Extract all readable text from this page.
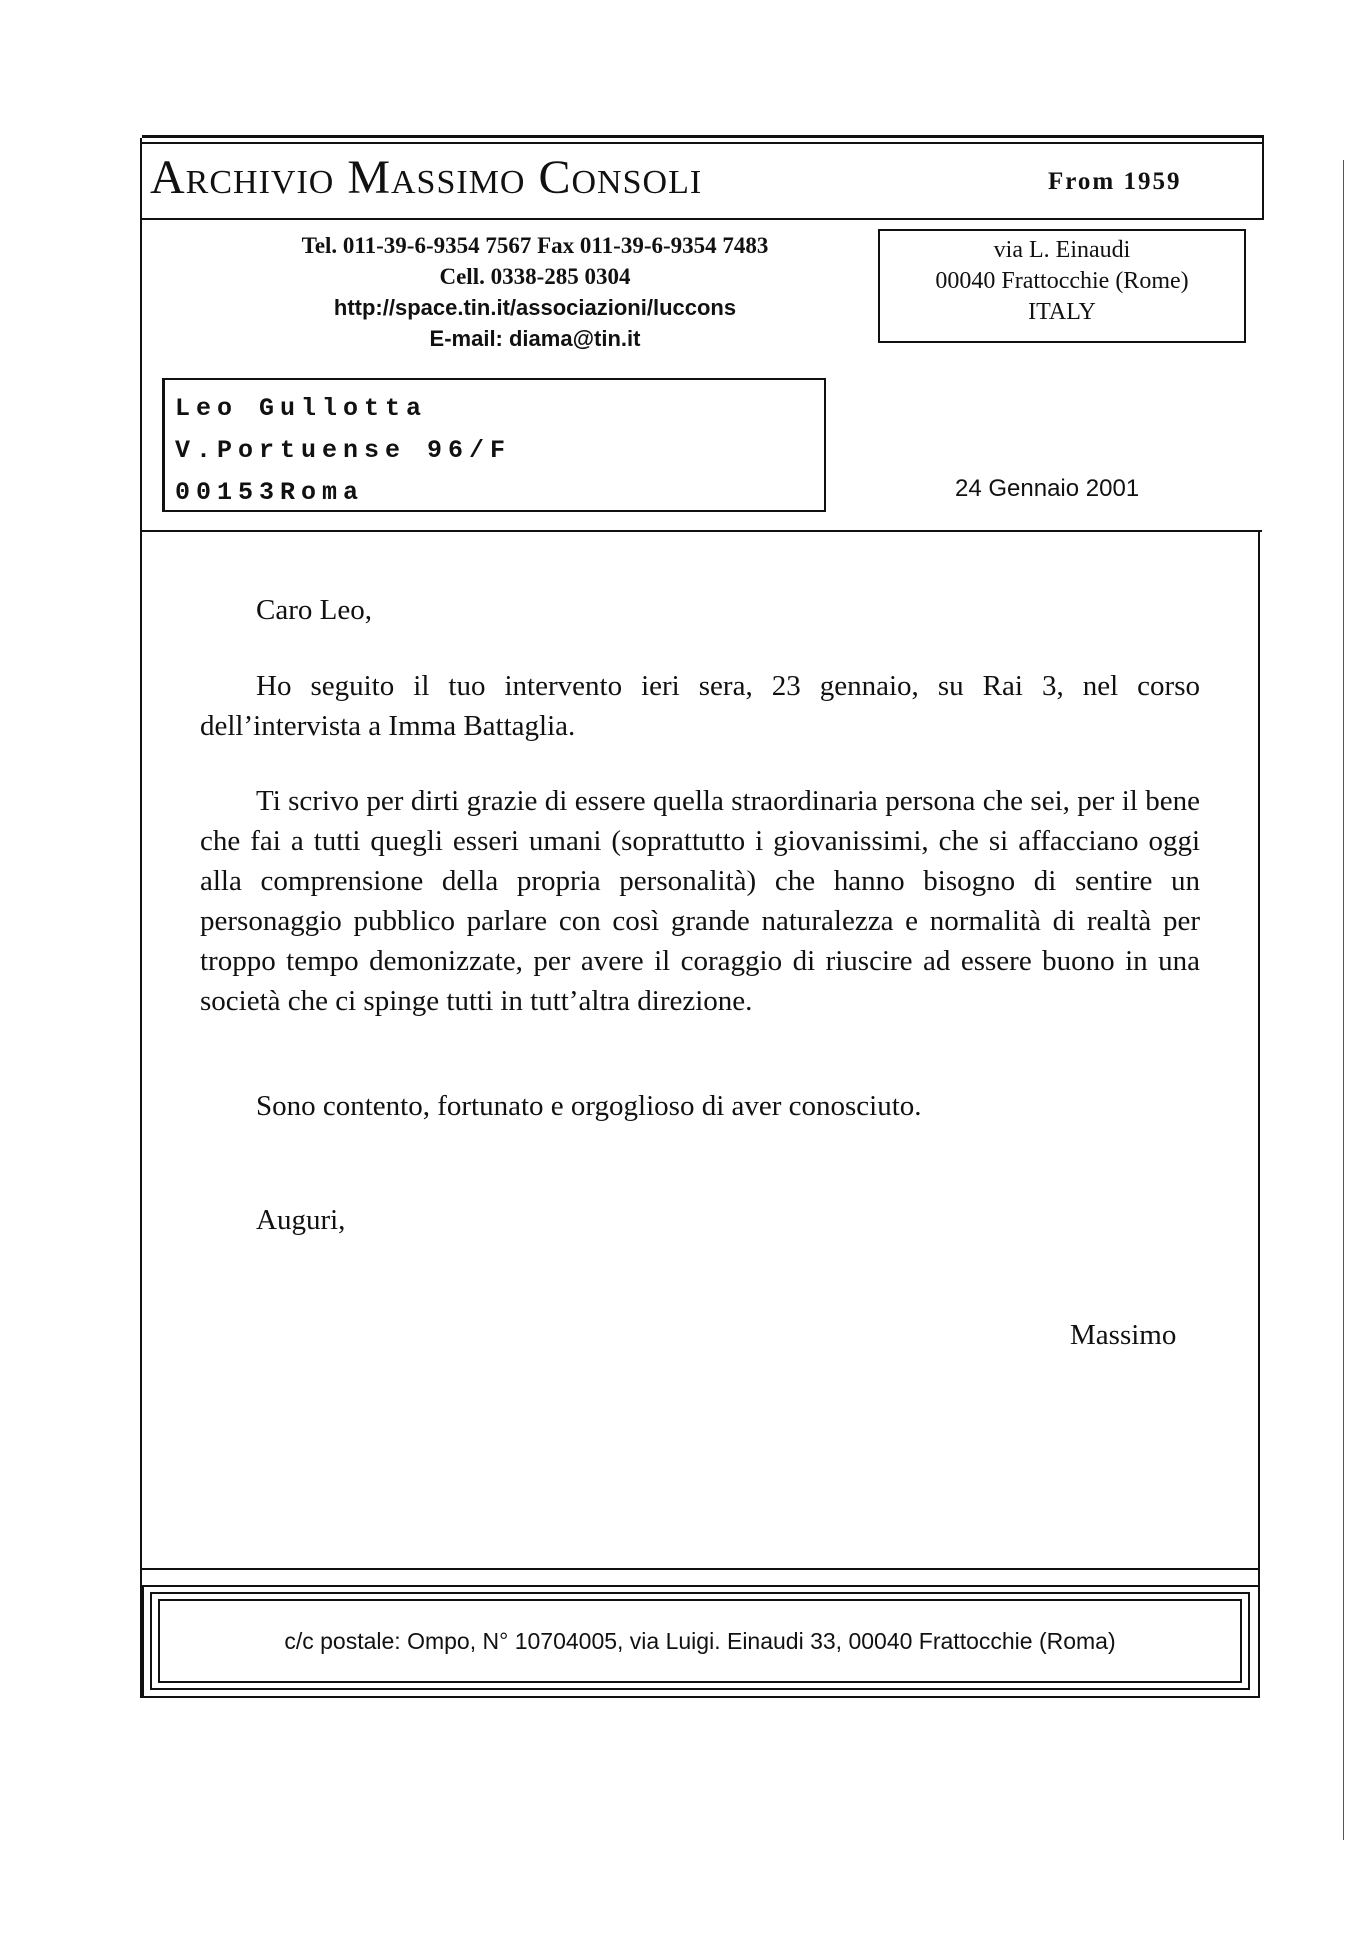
Archivio Massimo Consoli	From 1959
Tel. 011-39-6-9354 7567 Fax 011-39-6-9354 7483
Cell. 0338-285 0304
http://space.tin.it/associazioni/luccons
E-mail: diama@tin.it
via L. Einaudi
00040 Frattocchie (Rome)
ITALY
Leo Gullotta
V.Portuense 96/F
00153Roma	24 Gennaio 2001
Caro Leo,
Ho seguito il tuo intervento ieri sera, 23 gennaio, su Rai 3, nel corso dell’intervista a Imma Battaglia.
Ti scrivo per dirti grazie di essere quella straordinaria persona che sei, per il bene che fai a tutti quegli esseri umani (soprattutto i giovanissimi, che si affacciano oggi alla comprensione della propria personalità) che hanno bisogno di sentire un personaggio pubblico parlare con così grande naturalezza e normalità di realtà per troppo tempo demonizzate, per avere il coraggio di riuscire ad essere buono in una società che ci spinge tutti in tutt’altra direzione.
Sono contento, fortunato e orgoglioso di aver conosciuto.
Auguri,
Massimo
c/c postale: Ompo, N° 10704005, via Luigi. Einaudi 33, 00040 Frattocchie (Roma)
